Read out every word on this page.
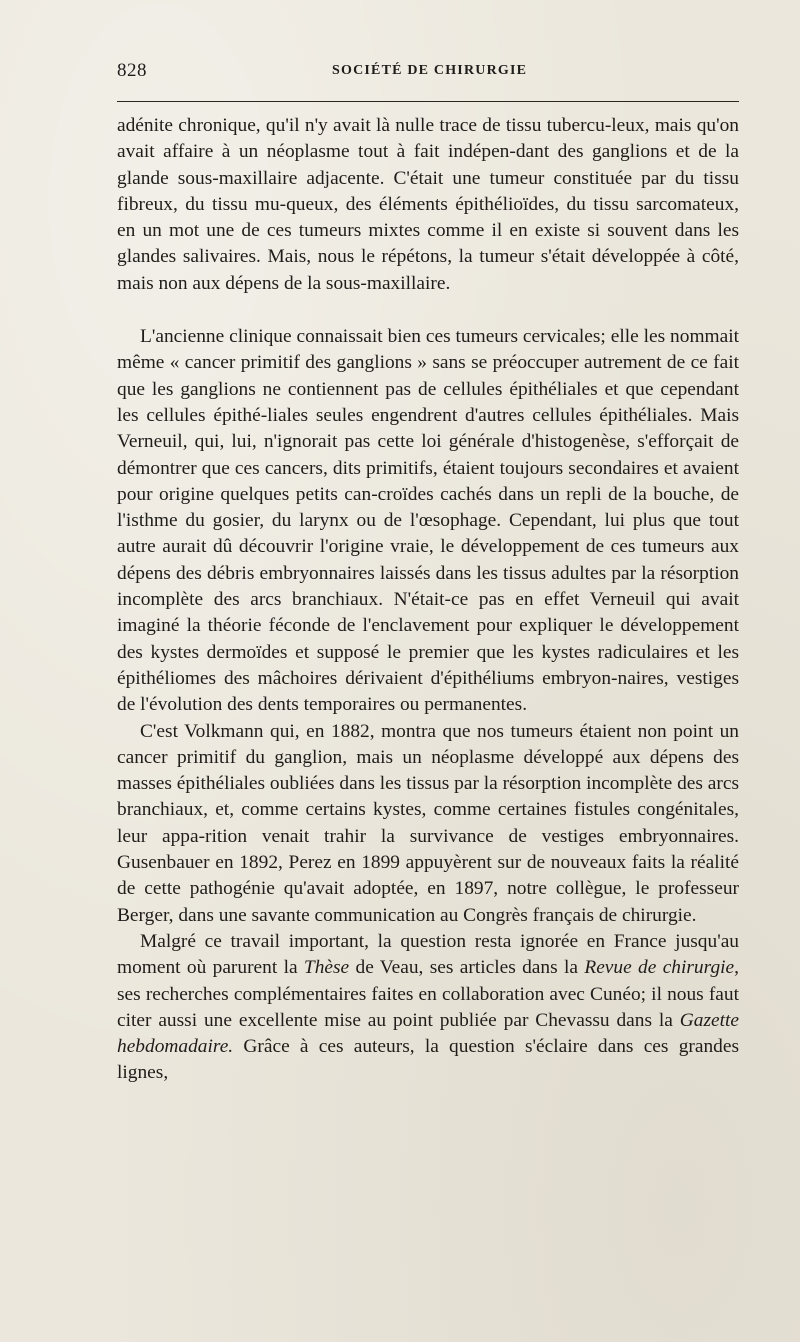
828	SOCIÉTÉ DE CHIRURGIE

adénite chronique, qu'il n'y avait là nulle trace de tissu tubercu-leux, mais qu'on avait affaire à un néoplasme tout à fait indépen-dant des ganglions et de la glande sous-maxillaire adjacente. C'était une tumeur constituée par du tissu fibreux, du tissu mu-queux, des éléments épithélioïdes, du tissu sarcomateux, en un mot une de ces tumeurs mixtes comme il en existe si souvent dans les glandes salivaires. Mais, nous le répétons, la tumeur s'était développée à côté, mais non aux dépens de la sous-maxillaire.

L'ancienne clinique connaissait bien ces tumeurs cervicales; elle les nommait même « cancer primitif des ganglions » sans se préoccuper autrement de ce fait que les ganglions ne contiennent pas de cellules épithéliales et que cependant les cellules épithé-liales seules engendrent d'autres cellules épithéliales. Mais Verneuil, qui, lui, n'ignorait pas cette loi générale d'histogenèse, s'efforçait de démontrer que ces cancers, dits primitifs, étaient toujours secondaires et avaient pour origine quelques petits can-croïdes cachés dans un repli de la bouche, de l'isthme du gosier, du larynx ou de l'œsophage. Cependant, lui plus que tout autre aurait dû découvrir l'origine vraie, le développement de ces tumeurs aux dépens des débris embryonnaires laissés dans les tissus adultes par la résorption incomplète des arcs branchiaux. N'était-ce pas en effet Verneuil qui avait imaginé la théorie féconde de l'enclavement pour expliquer le développement des kystes dermoïdes et supposé le premier que les kystes radiculaires et les épithéliomes des mâchoires dérivaient d'épithéliums embryon-naires, vestiges de l'évolution des dents temporaires ou permanentes.

C'est Volkmann qui, en 1882, montra que nos tumeurs étaient non point un cancer primitif du ganglion, mais un néoplasme développé aux dépens des masses épithéliales oubliées dans les tissus par la résorption incomplète des arcs branchiaux, et, comme certains kystes, comme certaines fistules congénitales, leur appa-rition venait trahir la survivance de vestiges embryonnaires. Gusenbauer en 1892, Perez en 1899 appuyèrent sur de nouveaux faits la réalité de cette pathogénie qu'avait adoptée, en 1897, notre collègue, le professeur Berger, dans une savante communication au Congrès français de chirurgie.

Malgré ce travail important, la question resta ignorée en France jusqu'au moment où parurent la Thèse de Veau, ses articles dans la Revue de chirurgie, ses recherches complémentaires faites en collaboration avec Cunéo; il nous faut citer aussi une excellente mise au point publiée par Chevassu dans la Gazette hebdomadaire. Grâce à ces auteurs, la question s'éclaire dans ces grandes lignes,
